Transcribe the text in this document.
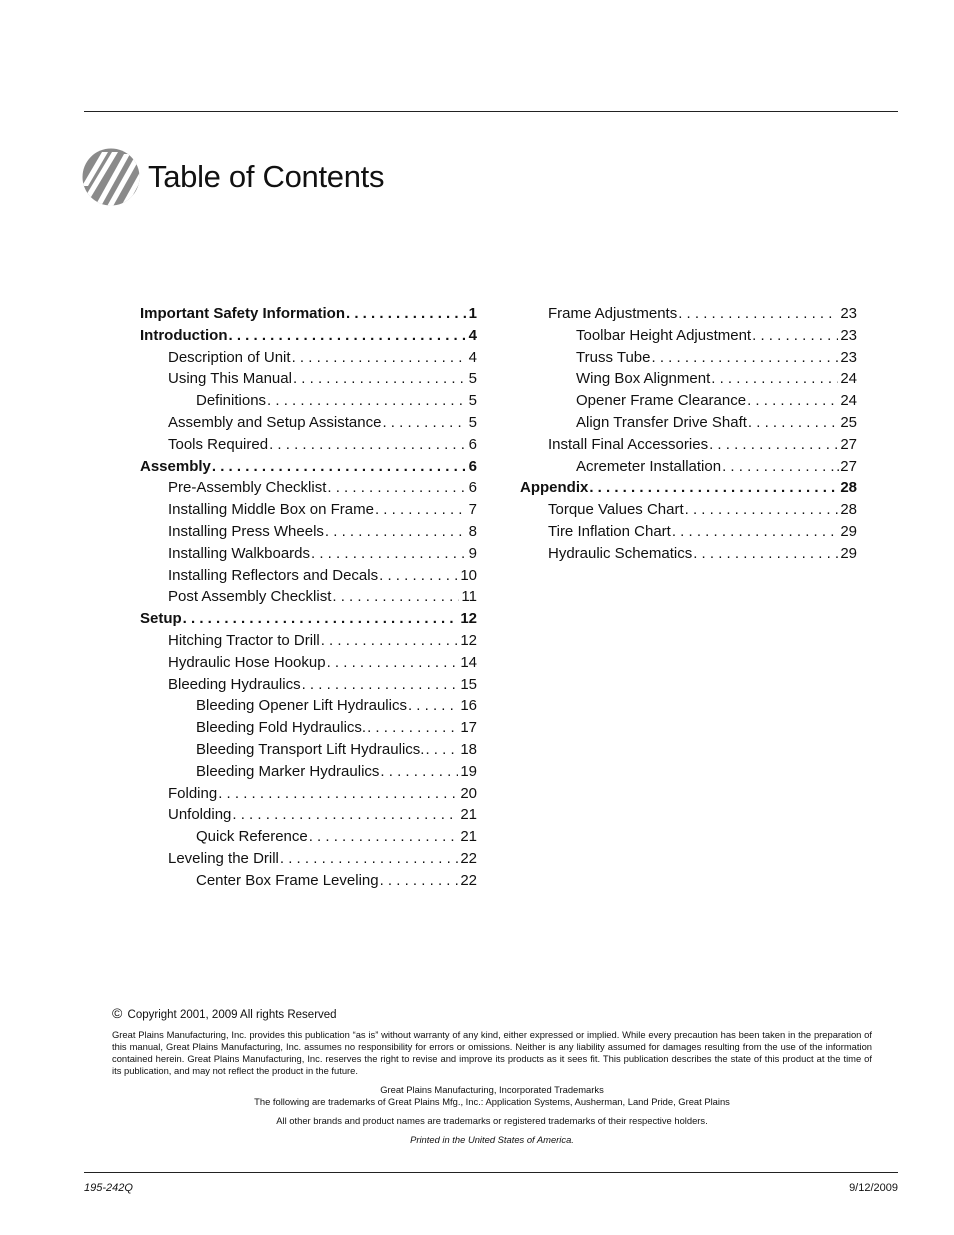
Table of Contents
Important Safety Information . . .	1
Introduction . . .	4
Description of Unit . . .	4
Using This Manual . . .	5
Definitions . . .	5
Assembly and Setup Assistance . . .	5
Tools Required . . .	6
Assembly . . .	6
Pre-Assembly Checklist . . .	6
Installing Middle Box on Frame . . .	7
Installing Press Wheels . . .	8
Installing Walkboards . . .	9
Installing Reflectors and Decals . . .	10
Post Assembly Checklist . . .	11
Setup . . .	12
Hitching Tractor to Drill . . .	12
Hydraulic Hose Hookup . . .	14
Bleeding Hydraulics . . .	15
Bleeding Opener Lift Hydraulics . . .	16
Bleeding Fold Hydraulics. . . .	17
Bleeding Transport Lift Hydraulics. . . . 18
Bleeding Marker Hydraulics . . .	19
Folding . . .	20
Unfolding . . .	21
Quick Reference . . .	21
Leveling the Drill . . .	22
Center Box Frame Leveling . . .	22
Frame Adjustments . . .	23
Toolbar Height Adjustment . . .	23
Truss Tube . . .	23
Wing Box Alignment . . .	24
Opener Frame Clearance . . .	24
Align Transfer Drive Shaft . . .	25
Install Final Accessories . . .	27
Acremeter Installation . . .	.27
Appendix . . .	28
Torque Values Chart . . .	28
Tire Inflation Chart . . .	29
Hydraulic Schematics . . .	29
© Copyright 2001, 2009 All rights Reserved
Great Plains Manufacturing, Inc. provides this publication “as is” without warranty of any kind, either expressed or implied. While every precaution has been taken in the preparation of this manual, Great Plains Manufacturing, Inc. assumes no responsibility for errors or omissions. Neither is any liability assumed for damages resulting from the use of the information contained herein. Great Plains Manufacturing, Inc. reserves the right to revise and improve its products as it sees fit. This publication describes the state of this product at the time of its publication, and may not reflect the product in the future.
Great Plains Manufacturing, Incorporated Trademarks
The following are trademarks of Great Plains Mfg., Inc.: Application Systems, Ausherman, Land Pride, Great Plains
All other brands and product names are trademarks or registered trademarks of their respective holders.
Printed in the United States of America.
195-242Q	9/12/2009
